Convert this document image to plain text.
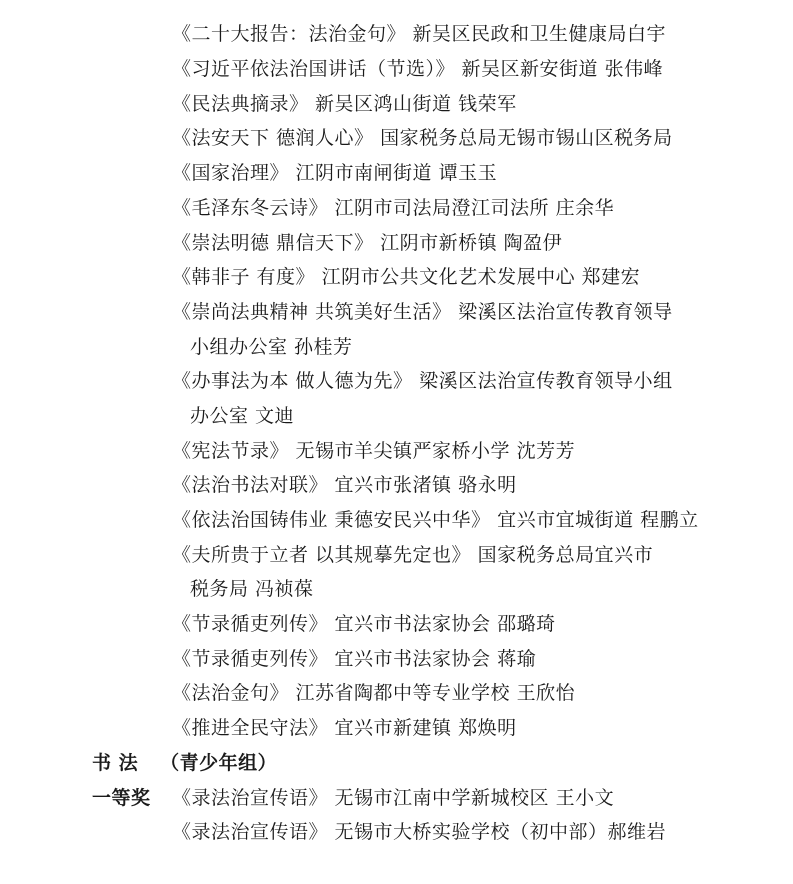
《二十大报告：法治金句》 新吴区民政和卫生健康局白宇
《习近平依法治国讲话（节选）》 新吴区新安街道 张伟峰
《民法典摘录》 新吴区鸿山街道 钱荣军
《法安天下 德润人心》 国家税务总局无锡市锡山区税务局
《国家治理》 江阴市南闸街道 谭玉玉
《毛泽东冬云诗》 江阴市司法局澄江司法所 庄余华
《崇法明德 鼎信天下》 江阴市新桥镇 陶盈伊
《韩非子 有度》 江阴市公共文化艺术发展中心 郑建宏
《崇尚法典精神 共筑美好生活》 梁溪区法治宣传教育领导
小组办公室 孙桂芳
《办事法为本 做人德为先》 梁溪区法治宣传教育领导小组
办公室 文迪
《宪法节录》 无锡市羊尖镇严家桥小学 沈芳芳
《法治书法对联》 宜兴市张渚镇 骆永明
《依法治国铸伟业 秉德安民兴中华》 宜兴市宜城街道 程鹏立
《夫所贵于立者 以其规摹先定也》 国家税务总局宜兴市
税务局 冯祯葆
《节录循吏列传》 宜兴市书法家协会 邵璐琦
《节录循吏列传》 宜兴市书法家协会 蒋瑜
《法治金句》 江苏省陶都中等专业学校 王欣怡
《推进全民守法》 宜兴市新建镇 郑焕明
书 法 （青少年组）
一等奖 《录法治宣传语》 无锡市江南中学新城校区 王小文
《录法治宣传语》 无锡市大桥实验学校（初中部）郝维岩
